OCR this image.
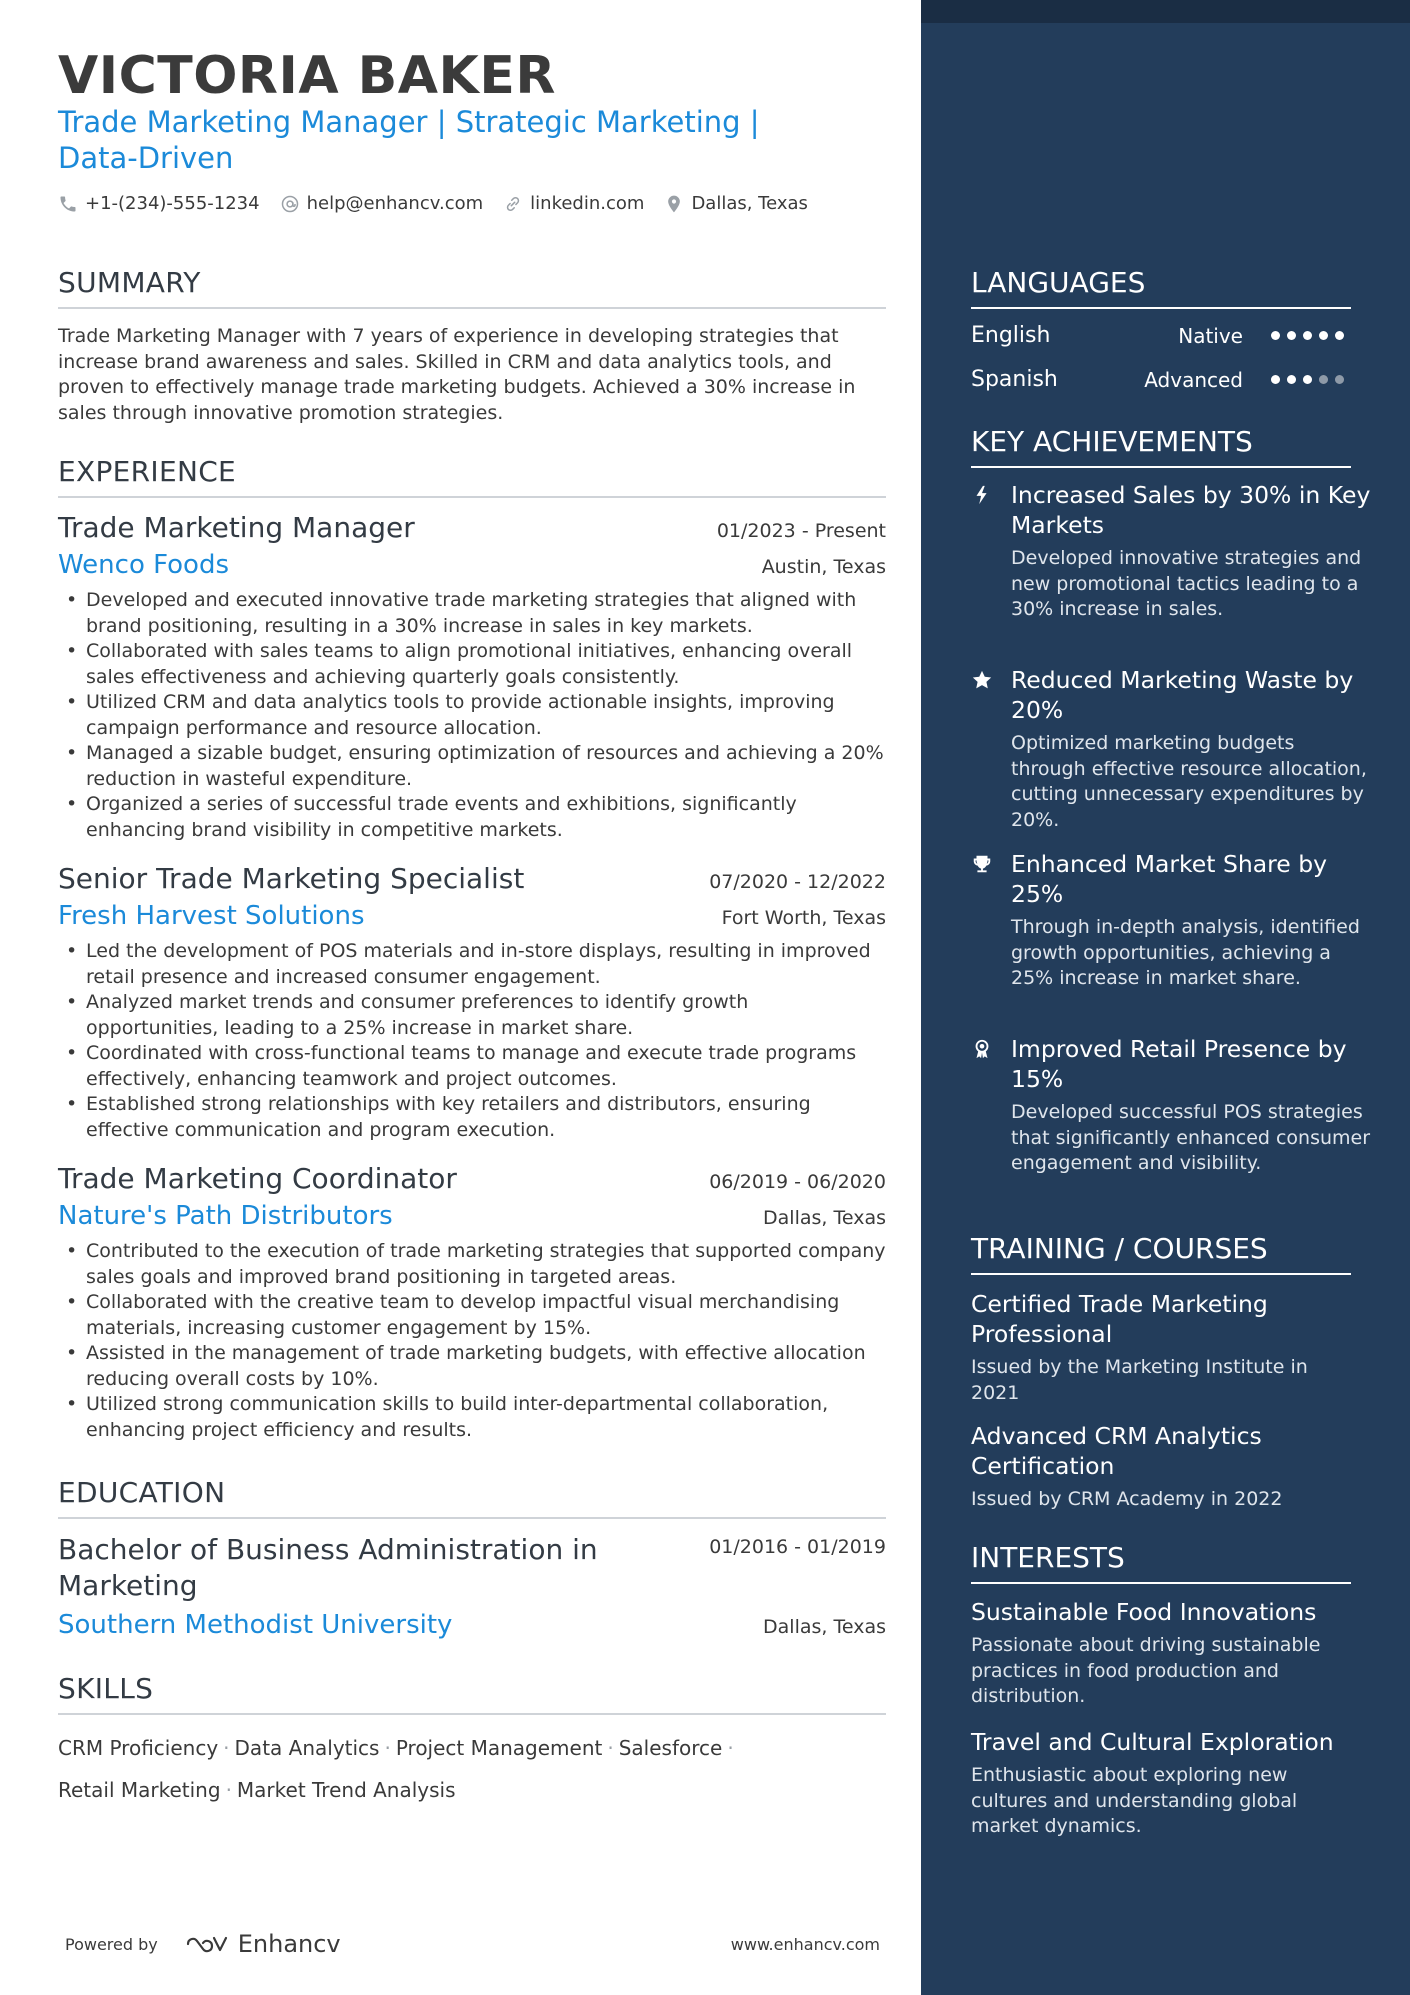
VICTORIA BAKER
Trade Marketing Manager | Strategic Marketing | Data-Driven
+1-(234)-555-1234	help@enhancv.com	linkedin.com	Dallas, Texas
SUMMARY

Trade Marketing Manager with 7 years of experience in developing strategies that increase brand awareness and sales. Skilled in CRM and data analytics tools, and proven to effectively manage trade marketing budgets. Achieved a 30% increase in sales through innovative promotion strategies.

EXPERIENCE
Trade Marketing Manager	01/2023 - Present
Wenco Foods	Austin, Texas
• Developed and executed innovative trade marketing strategies that aligned with brand positioning, resulting in a 30% increase in sales in key markets.
• Collaborated with sales teams to align promotional initiatives, enhancing overall sales effectiveness and achieving quarterly goals consistently.
• Utilized CRM and data analytics tools to provide actionable insights, improving campaign performance and resource allocation.
• Managed a sizable budget, ensuring optimization of resources and achieving a 20% reduction in wasteful expenditure.
• Organized a series of successful trade events and exhibitions, significantly enhancing brand visibility in competitive markets.
Senior Trade Marketing Specialist	07/2020 - 12/2022
Fresh Harvest Solutions	Fort Worth, Texas
• Led the development of POS materials and in-store displays, resulting in improved retail presence and increased consumer engagement.
• Analyzed market trends and consumer preferences to identify growth opportunities, leading to a 25% increase in market share.
• Coordinated with cross-functional teams to manage and execute trade programs effectively, enhancing teamwork and project outcomes.
• Established strong relationships with key retailers and distributors, ensuring effective communication and program execution.
Trade Marketing Coordinator	06/2019 - 06/2020
Nature's Path Distributors	Dallas, Texas
• Contributed to the execution of trade marketing strategies that supported company sales goals and improved brand positioning in targeted areas.
• Collaborated with the creative team to develop impactful visual merchandising materials, increasing customer engagement by 15%.
• Assisted in the management of trade marketing budgets, with effective allocation reducing overall costs by 10%.
• Utilized strong communication skills to build inter-departmental collaboration, enhancing project efficiency and results.
EDUCATION
Bachelor of Business Administration in Marketing
01/2016 - 01/2019
Southern Methodist University	Dallas, Texas
SKILLS
CRM Proficiency · Data Analytics · Project Management · Salesforce ·
Retail Marketing · Market Trend Analysis
Powered by	Enhancv	www.enhancv.com
LANGUAGES
English	Native
Spanish	Advanced
KEY ACHIEVEMENTS
Increased Sales by 30% in Key Markets
Developed innovative strategies and new promotional tactics leading to a 30% increase in sales.
Reduced Marketing Waste by 20%
Optimized marketing budgets through effective resource allocation, cutting unnecessary expenditures by 20%.
Enhanced Market Share by 25%
Through in-depth analysis, identified growth opportunities, achieving a 25% increase in market share.
Improved Retail Presence by 15%
Developed successful POS strategies that significantly enhanced consumer engagement and visibility.
TRAINING / COURSES
Certified Trade Marketing Professional
Issued by the Marketing Institute in 2021
Advanced CRM Analytics Certification
Issued by CRM Academy in 2022
INTERESTS
Sustainable Food Innovations
Passionate about driving sustainable practices in food production and distribution.
Travel and Cultural Exploration
Enthusiastic about exploring new cultures and understanding global market dynamics.
